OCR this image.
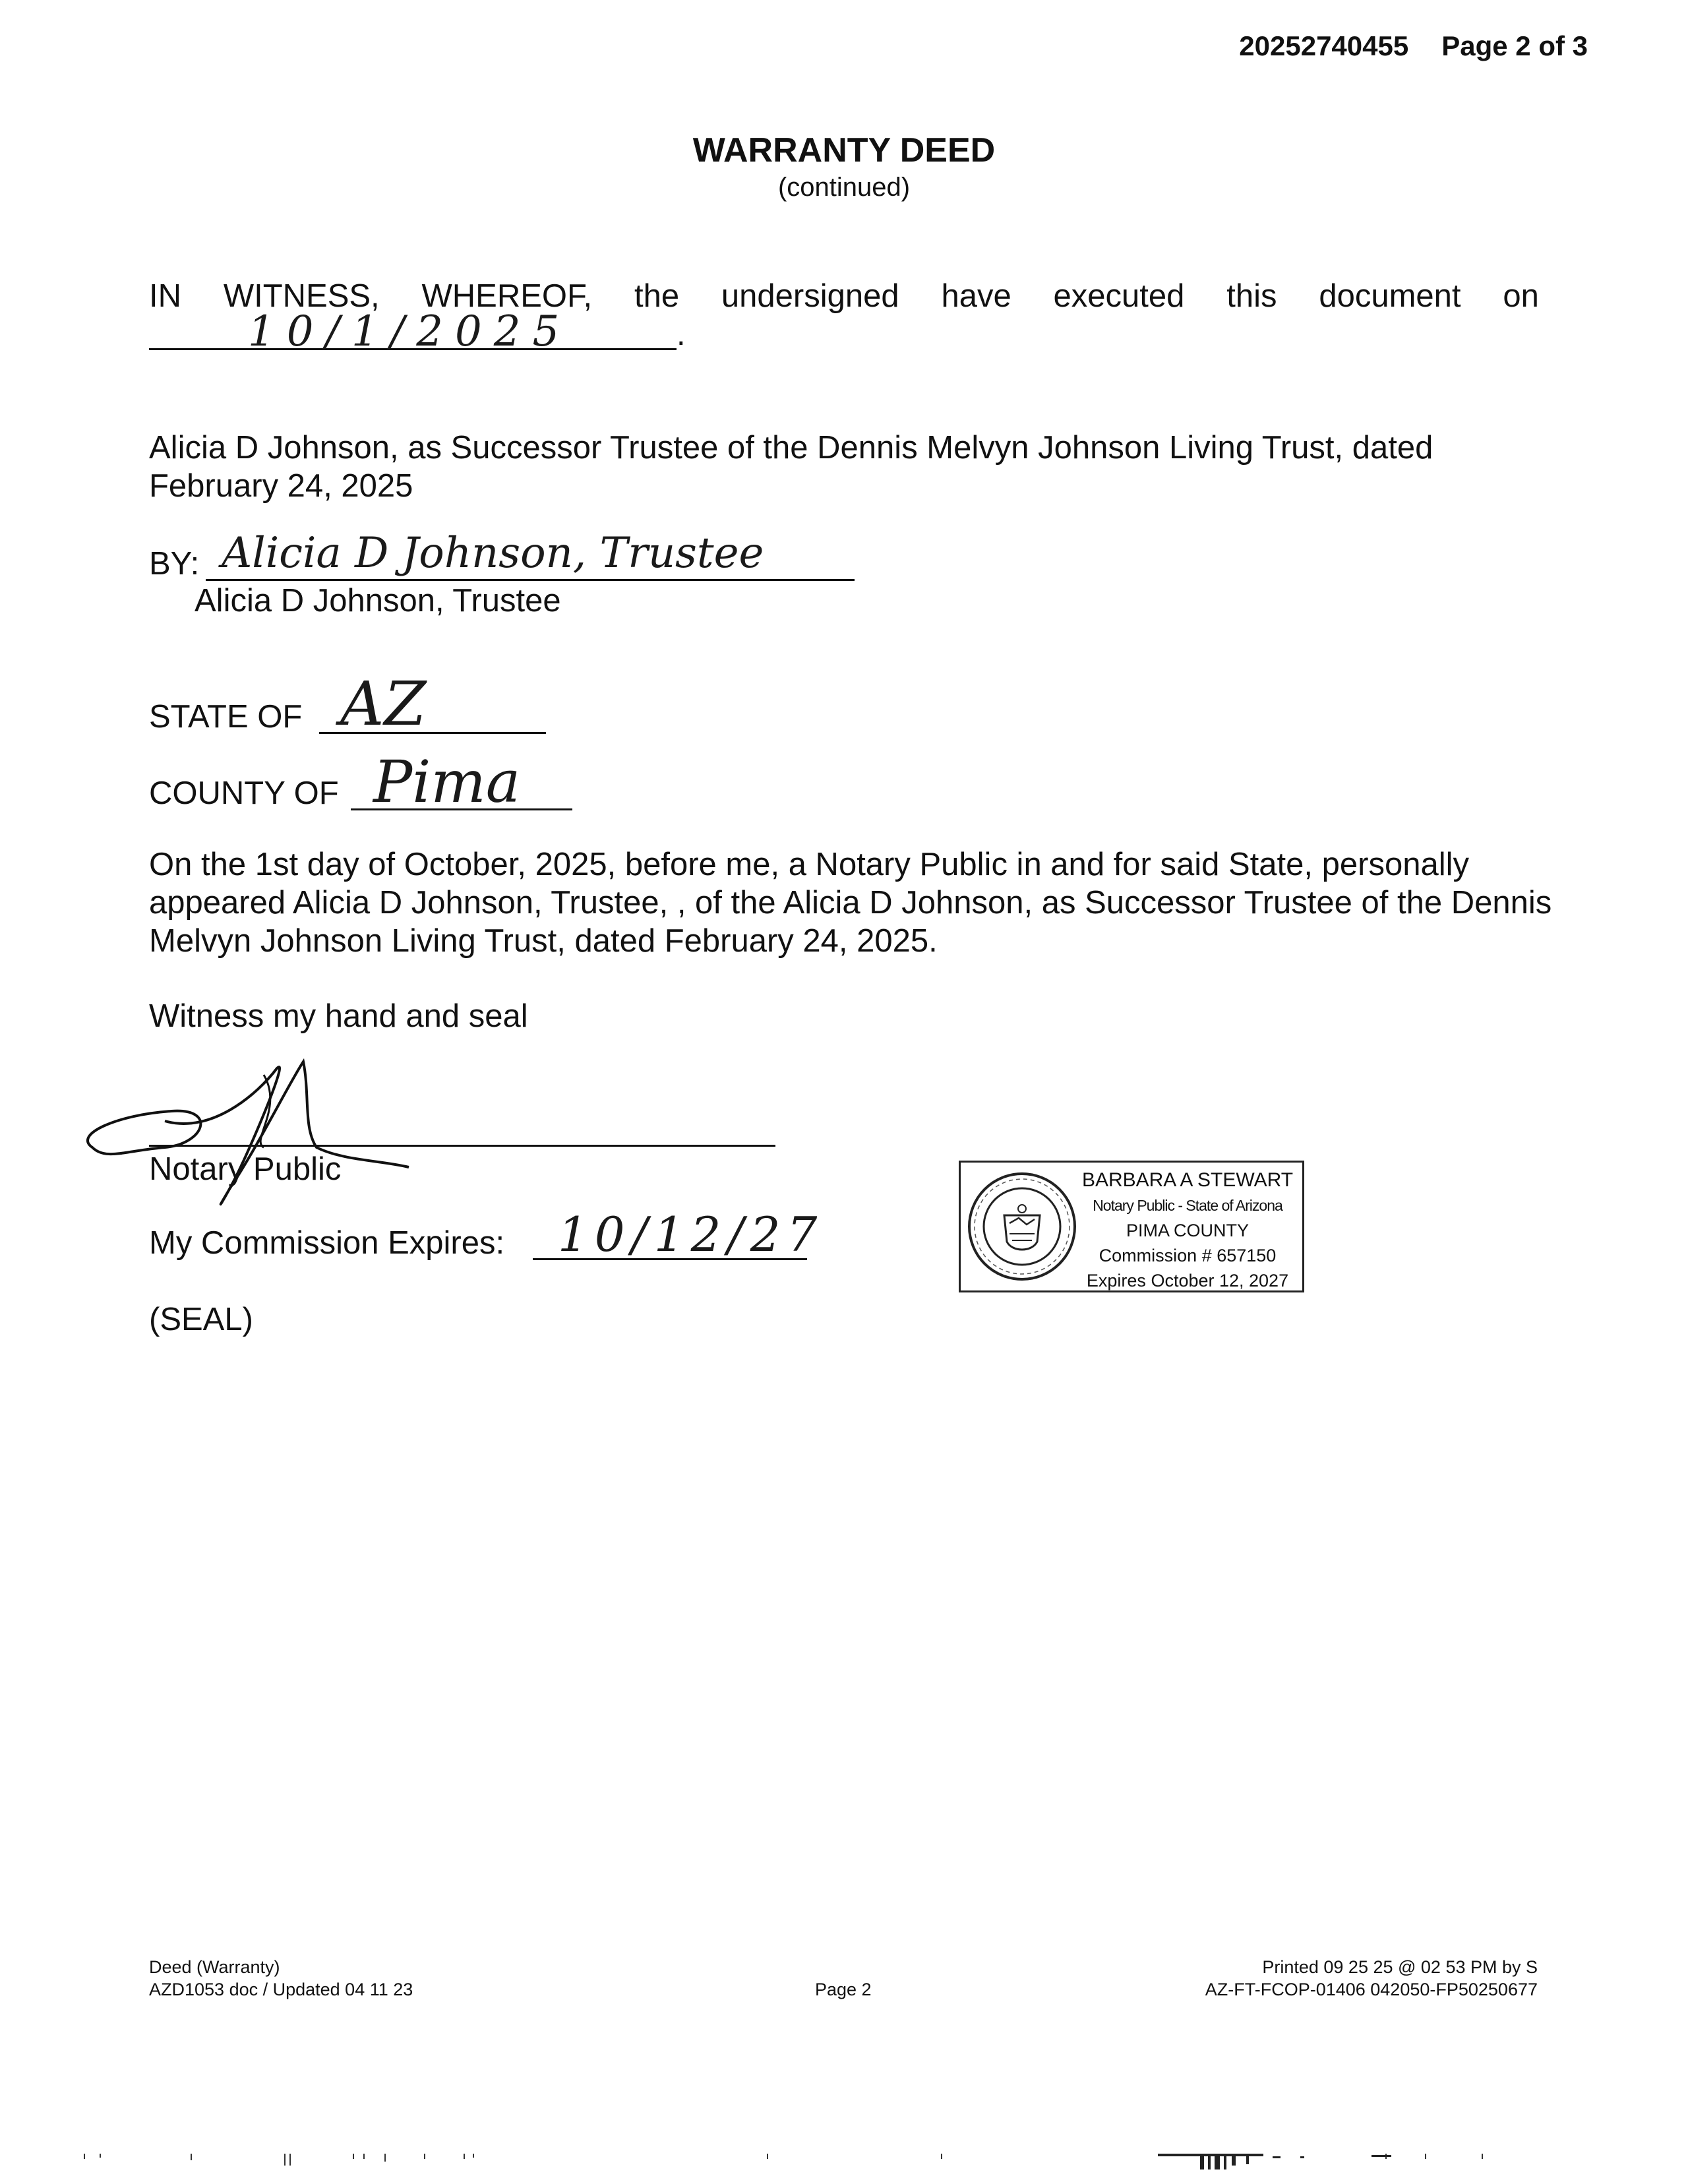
20252740455 Page 2 of 3
WARRANTY DEED
(continued)
IN WITNESS, WHEREOF, the undersigned have executed this document on
10/1/2025	.
Alicia D Johnson, as Successor Trustee of the Dennis Melvyn Johnson Living Trust, dated February 24, 2025
BY: Alicia D Johnson, Trustee
Alicia D Johnson, Trustee
STATE OF AZ
COUNTY OF Pima
On the 1st day of October, 2025, before me, a Notary Public in and for said State, personally appeared Alicia D Johnson, Trustee, , of the Alicia D Johnson, as Successor Trustee of the Dennis Melvyn Johnson Living Trust, dated February 24, 2025.
Witness my hand and seal
Notary Public
My Commission Expires: 10/12/27
(SEAL)
BARBARA A STEWART
Notary Public - State of Arizona
PIMA COUNTY
Commission # 657150
Expires October 12, 2027
Deed (Warranty)
AZD1053 doc / Updated 04 11 23	Page 2
Printed 09 25 25 @ 02 53 PM by S
AZ-FT-FCOP-01406 042050-FP50250677
